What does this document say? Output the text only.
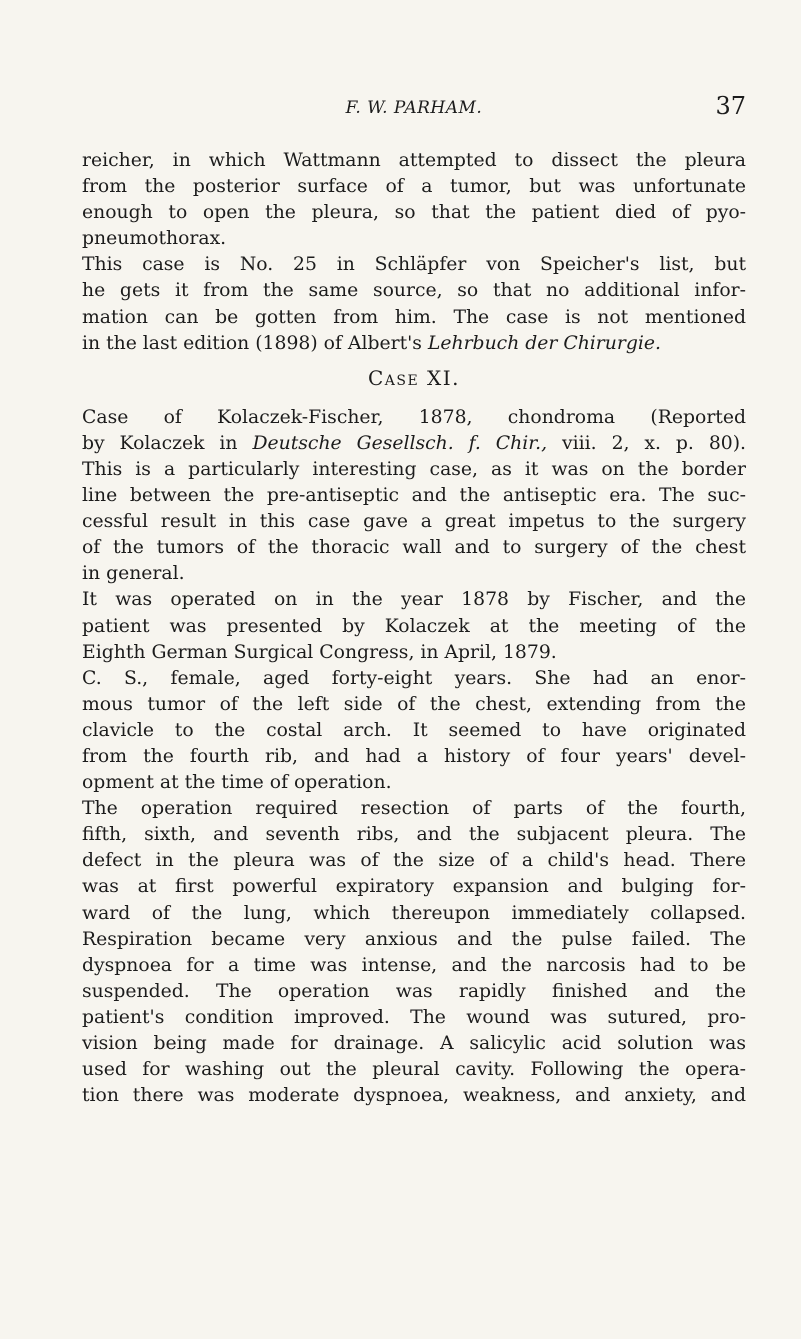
F. W. PARHAM.	37
reicher, in which Wattmann attempted to dissect the pleura
from the posterior surface of a tumor, but was unfortunate
enough to open the pleura, so that the patient died of pyo-
pneumothorax.
This case is No. 25 in Schläpfer von Speicher's list, but
he gets it from the same source, so that no additional infor-
mation can be gotten from him. The case is not mentioned
in the last edition (1898) of Albert's Lehrbuch der Chirurgie.
Case XI.
Case of Kolaczek-Fischer, 1878, chondroma (Reported
by Kolaczek in Deutsche Gesellsch. f. Chir., viii. 2, x. p. 80).
This is a particularly interesting case, as it was on the border
line between the pre-antiseptic and the antiseptic era. The suc-
cessful result in this case gave a great impetus to the surgery
of the tumors of the thoracic wall and to surgery of the chest
in general.
It was operated on in the year 1878 by Fischer, and the
patient was presented by Kolaczek at the meeting of the
Eighth German Surgical Congress, in April, 1879.
C. S., female, aged forty-eight years. She had an enor-
mous tumor of the left side of the chest, extending from the
clavicle to the costal arch. It seemed to have originated
from the fourth rib, and had a history of four years' devel-
opment at the time of operation.
The operation required resection of parts of the fourth,
fifth, sixth, and seventh ribs, and the subjacent pleura. The
defect in the pleura was of the size of a child's head. There
was at first powerful expiratory expansion and bulging for-
ward of the lung, which thereupon immediately collapsed.
Respiration became very anxious and the pulse failed. The
dyspnoea for a time was intense, and the narcosis had to be
suspended. The operation was rapidly finished and the
patient's condition improved. The wound was sutured, pro-
vision being made for drainage. A salicylic acid solution was
used for washing out the pleural cavity. Following the opera-
tion there was moderate dyspnoea, weakness, and anxiety, and
